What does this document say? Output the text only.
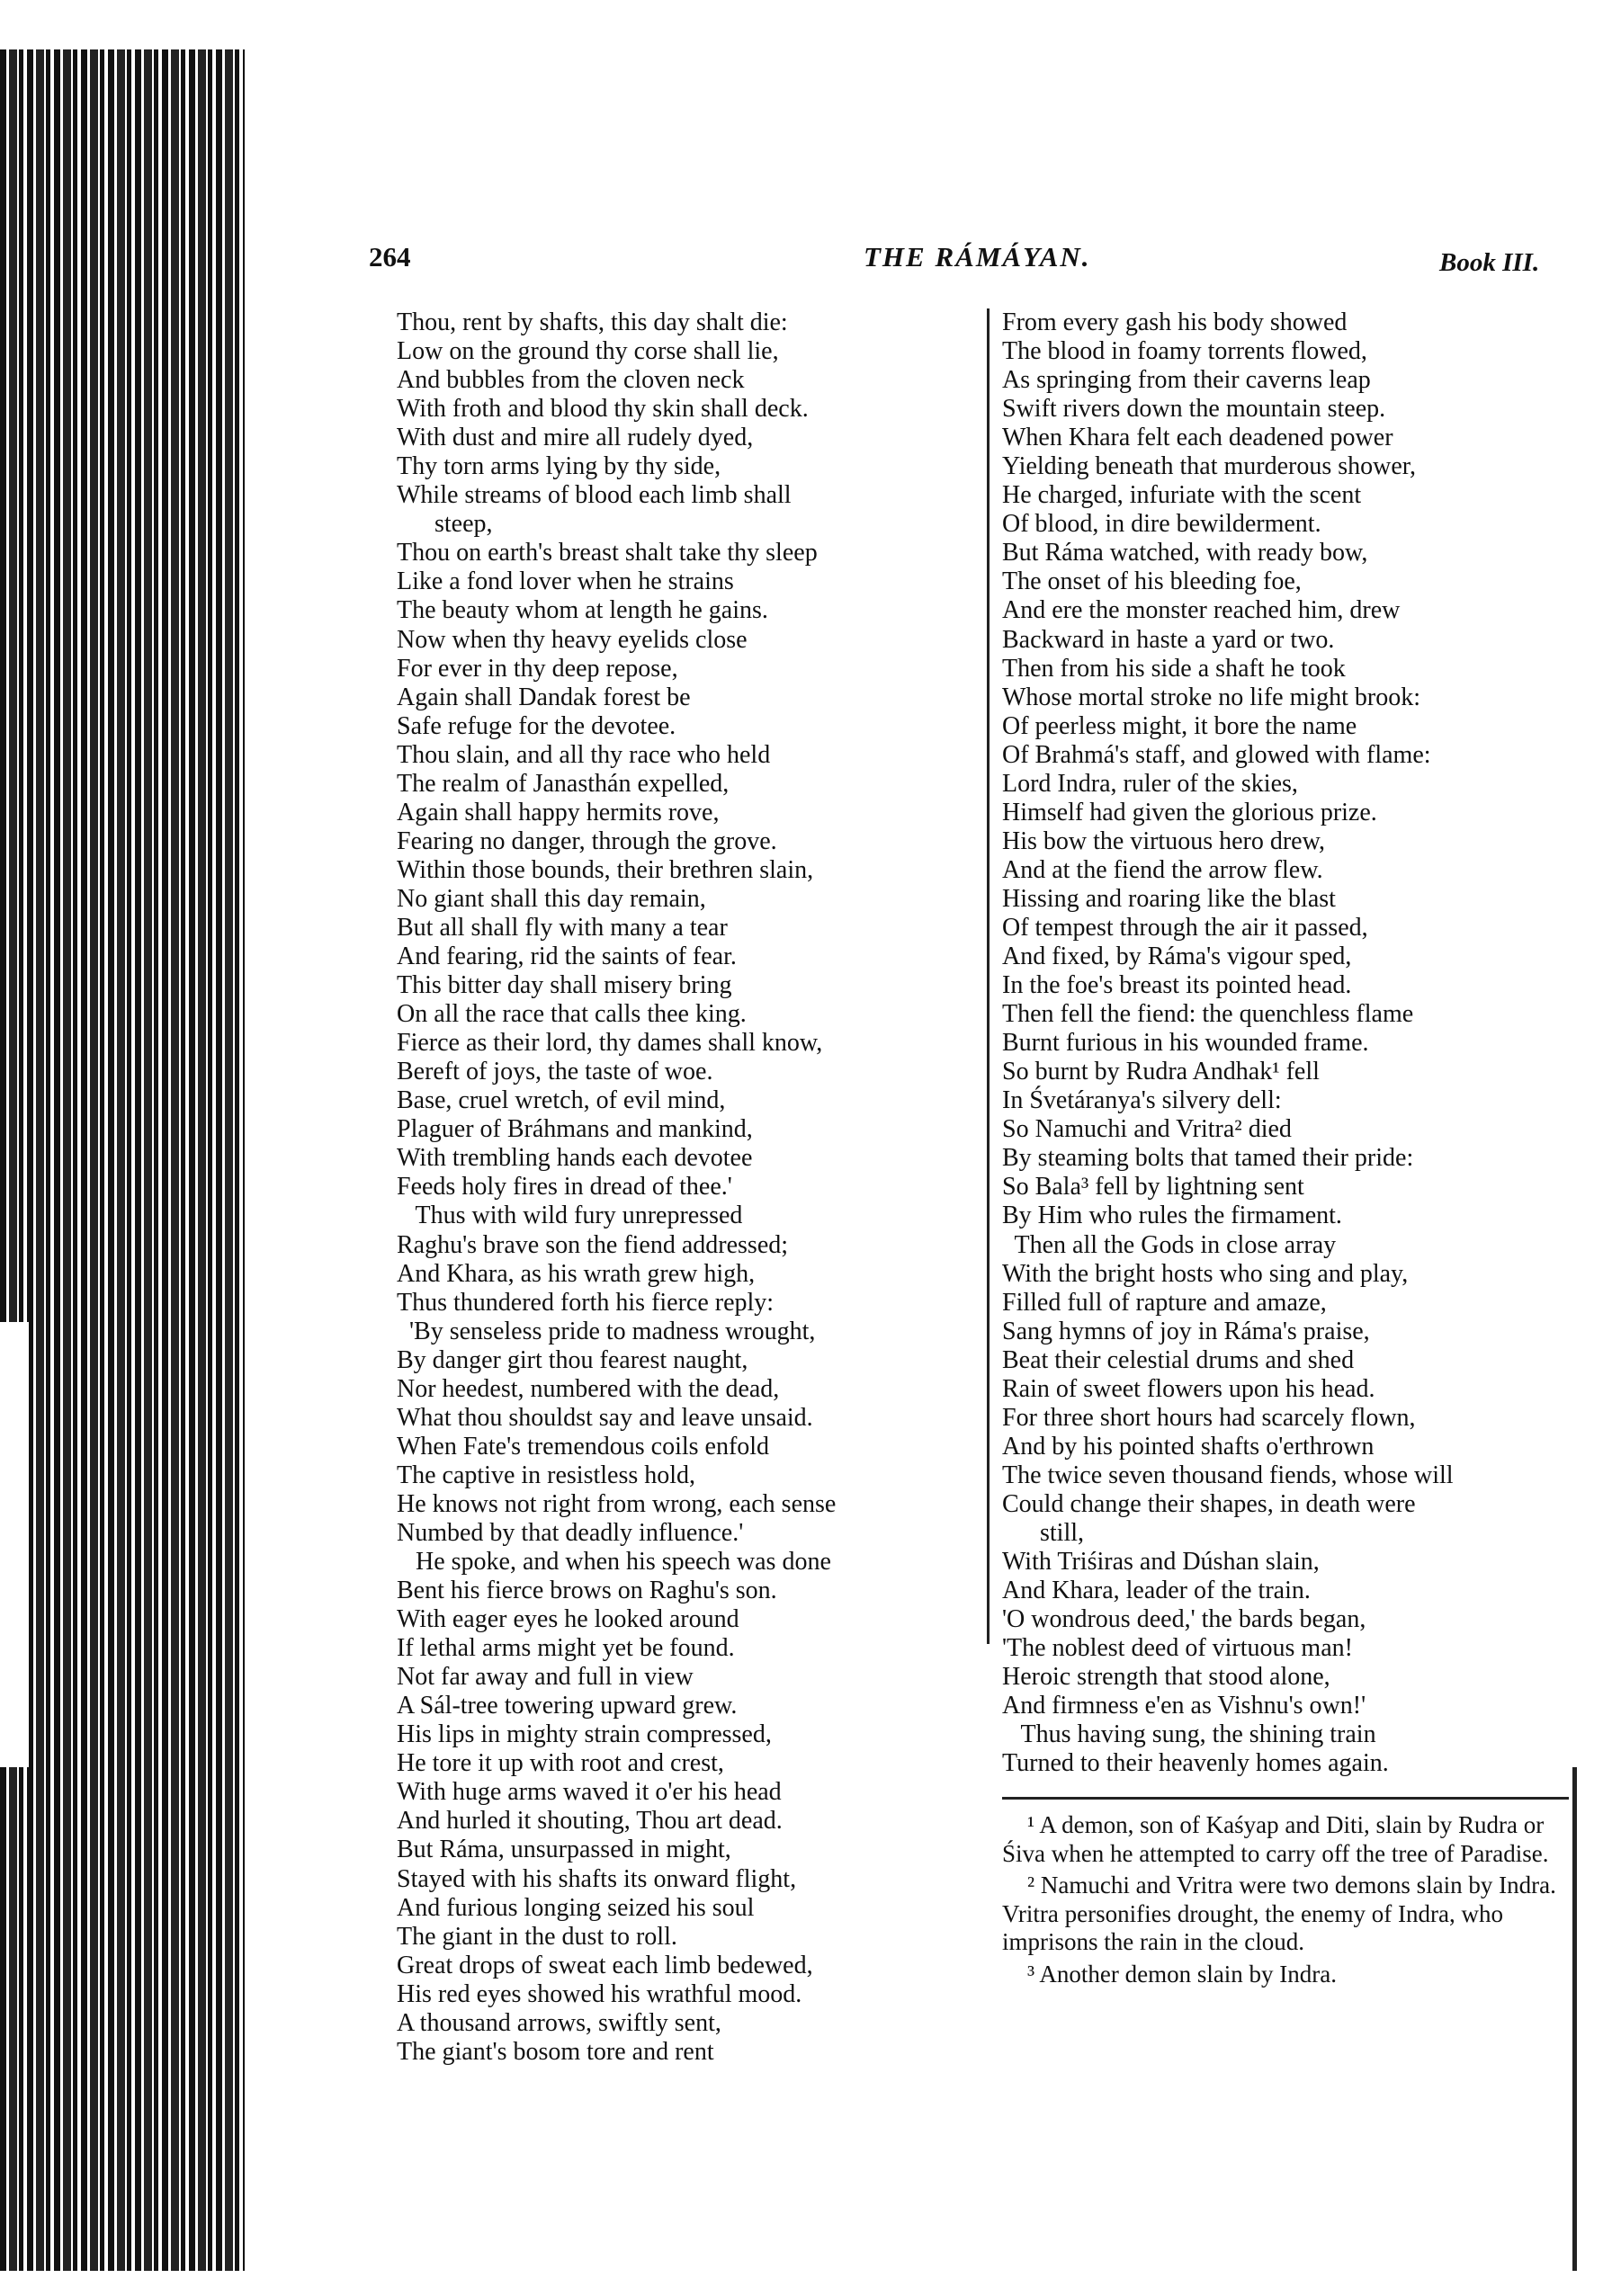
264	THE RÁMÁYAN.	Book III.

Thou, rent by shafts, this day shalt die:
Low on the ground thy corse shall lie,
And bubbles from the cloven neck
With froth and blood thy skin shall deck.
With dust and mire all rudely dyed,
Thy torn arms lying by thy side,
While streams of blood each limb shall
steep,
Thou on earth's breast shalt take thy sleep
Like a fond lover when he strains
The beauty whom at length he gains.
Now when thy heavy eyelids close
For ever in thy deep repose,
Again shall Dandak forest be
Safe refuge for the devotee.
Thou slain, and all thy race who held
The realm of Janasthán expelled,
Again shall happy hermits rove,
Fearing no danger, through the grove.
Within those bounds, their brethren slain,
No giant shall this day remain,
But all shall fly with many a tear
And fearing, rid the saints of fear.
This bitter day shall misery bring
On all the race that calls thee king.
Fierce as their lord, thy dames shall know,
Bereft of joys, the taste of woe.
Base, cruel wretch, of evil mind,
Plaguer of Bráhmans and mankind,
With trembling hands each devotee
Feeds holy fires in dread of thee.'
Thus with wild fury unrepressed
Raghu's brave son the fiend addressed;
And Khara, as his wrath grew high,
Thus thundered forth his fierce reply:
'By senseless pride to madness wrought,
By danger girt thou fearest naught,
Nor heedest, numbered with the dead,
What thou shouldst say and leave unsaid.
When Fate's tremendous coils enfold
The captive in resistless hold,
He knows not right from wrong, each sense
Numbed by that deadly influence.'
He spoke, and when his speech was done
Bent his fierce brows on Raghu's son.
With eager eyes he looked around
If lethal arms might yet be found.
Not far away and full in view
A Sál-tree towering upward grew.
His lips in mighty strain compressed,
He tore it up with root and crest,
With huge arms waved it o'er his head
And hurled it shouting, Thou art dead.
But Ráma, unsurpassed in might,
Stayed with his shafts its onward flight,
And furious longing seized his soul
The giant in the dust to roll.
Great drops of sweat each limb bedewed,
His red eyes showed his wrathful mood.
A thousand arrows, swiftly sent,
The giant's bosom tore and rent
From every gash his body showed
The blood in foamy torrents flowed,
As springing from their caverns leap
Swift rivers down the mountain steep.
When Khara felt each deadened power
Yielding beneath that murderous shower,
He charged, infuriate with the scent
Of blood, in dire bewilderment.
But Ráma watched, with ready bow,
The onset of his bleeding foe,
And ere the monster reached him, drew
Backward in haste a yard or two.
Then from his side a shaft he took
Whose mortal stroke no life might brook:
Of peerless might, it bore the name
Of Brahmá's staff, and glowed with flame:
Lord Indra, ruler of the skies,
Himself had given the glorious prize.
His bow the virtuous hero drew,
And at the fiend the arrow flew.
Hissing and roaring like the blast
Of tempest through the air it passed,
And fixed, by Ráma's vigour sped,
In the foe's breast its pointed head.
Then fell the fiend: the quenchless flame
Burnt furious in his wounded frame.
So burnt by Rudra Andhak¹ fell
In Śvetáranya's silvery dell:
So Namuchi and Vritra² died
By steaming bolts that tamed their pride:
So Bala³ fell by lightning sent
By Him who rules the firmament.
Then all the Gods in close array
With the bright hosts who sing and play,
Filled full of rapture and amaze,
Sang hymns of joy in Ráma's praise,
Beat their celestial drums and shed
Rain of sweet flowers upon his head.
For three short hours had scarcely flown,
And by his pointed shafts o'erthrown
The twice seven thousand fiends, whose will
Could change their shapes, in death were
still,
With Triśiras and Dúshan slain,
And Khara, leader of the train.
'O wondrous deed,' the bards began,
'The noblest deed of virtuous man!
Heroic strength that stood alone,
And firmness e'en as Vishnu's own!'
Thus having sung, the shining train
Turned to their heavenly homes again.

¹ A demon, son of Kaśyap and Diti, slain by Rudra or Śiva when he attempted to carry off the tree of Paradise.

² Namuchi and Vritra were two demons slain by Indra. Vritra personifies drought, the enemy of Indra, who imprisons the rain in the cloud.

³ Another demon slain by Indra.
